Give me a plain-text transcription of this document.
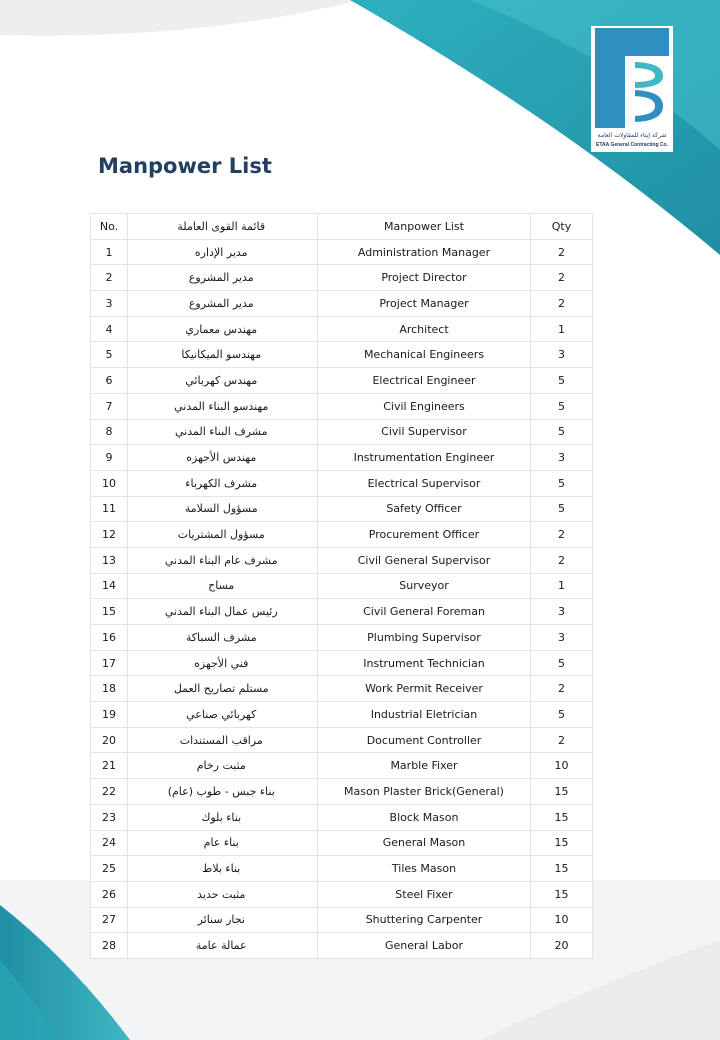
شركة إيتاء للمقاولات العامة
ETAA General Contracting Co.
Manpower List
No.	قائمة القوى العاملة		Manpower List	Qty
1	مدير الإداره		Administration Manager	2
2	مدير المشروع		Project Director	2
3	مدير المشروع		Project Manager	2
4	مهندس معماري		Architect	1
5	مهندسو الميكانيكا		Mechanical Engineers	3
6	مهندس كهربائي		Electrical Engineer	5
7	مهندسو البناء المدني		Civil Engineers	5
8	مشرف البناء المدني		Civil Supervisor	5
9	مهندس الأجهزه		Instrumentation Engineer	3
10	مشرف الكهرباء		Electrical Supervisor	5
11	مسؤول السلامة		Safety Officer	5
12	مسؤول المشتريات		Procurement Officer	2
13	مشرف عام البناء المدني		Civil General Supervisor	2
14	مساح		Surveyor	1
15	رئيس عمال البناء المدني		Civil General Foreman	3
16	مشرف السباكة		Plumbing Supervisor	3
17	فني الأجهزه		Instrument Technician	5
18	مستلم تصاريح العمل		Work Permit Receiver	2
19	كهربائي صناعي		Industrial Eletrician	5
20	مراقب المستندات		Document Controller	2
21	مثبت رخام		Marble Fixer	10
22	بناء جبس - طوب (عام)		Mason Plaster Brick(General)	15
23	بناء بلوك		Block Mason	15
24	بناء عام		General Mason	15
25	بناء بلاط		Tiles Mason	15
26	مثبت حديد		Steel Fixer	15
27	نجار سنائر		Shuttering Carpenter	10
28	عمالة عامة		General Labor	20
